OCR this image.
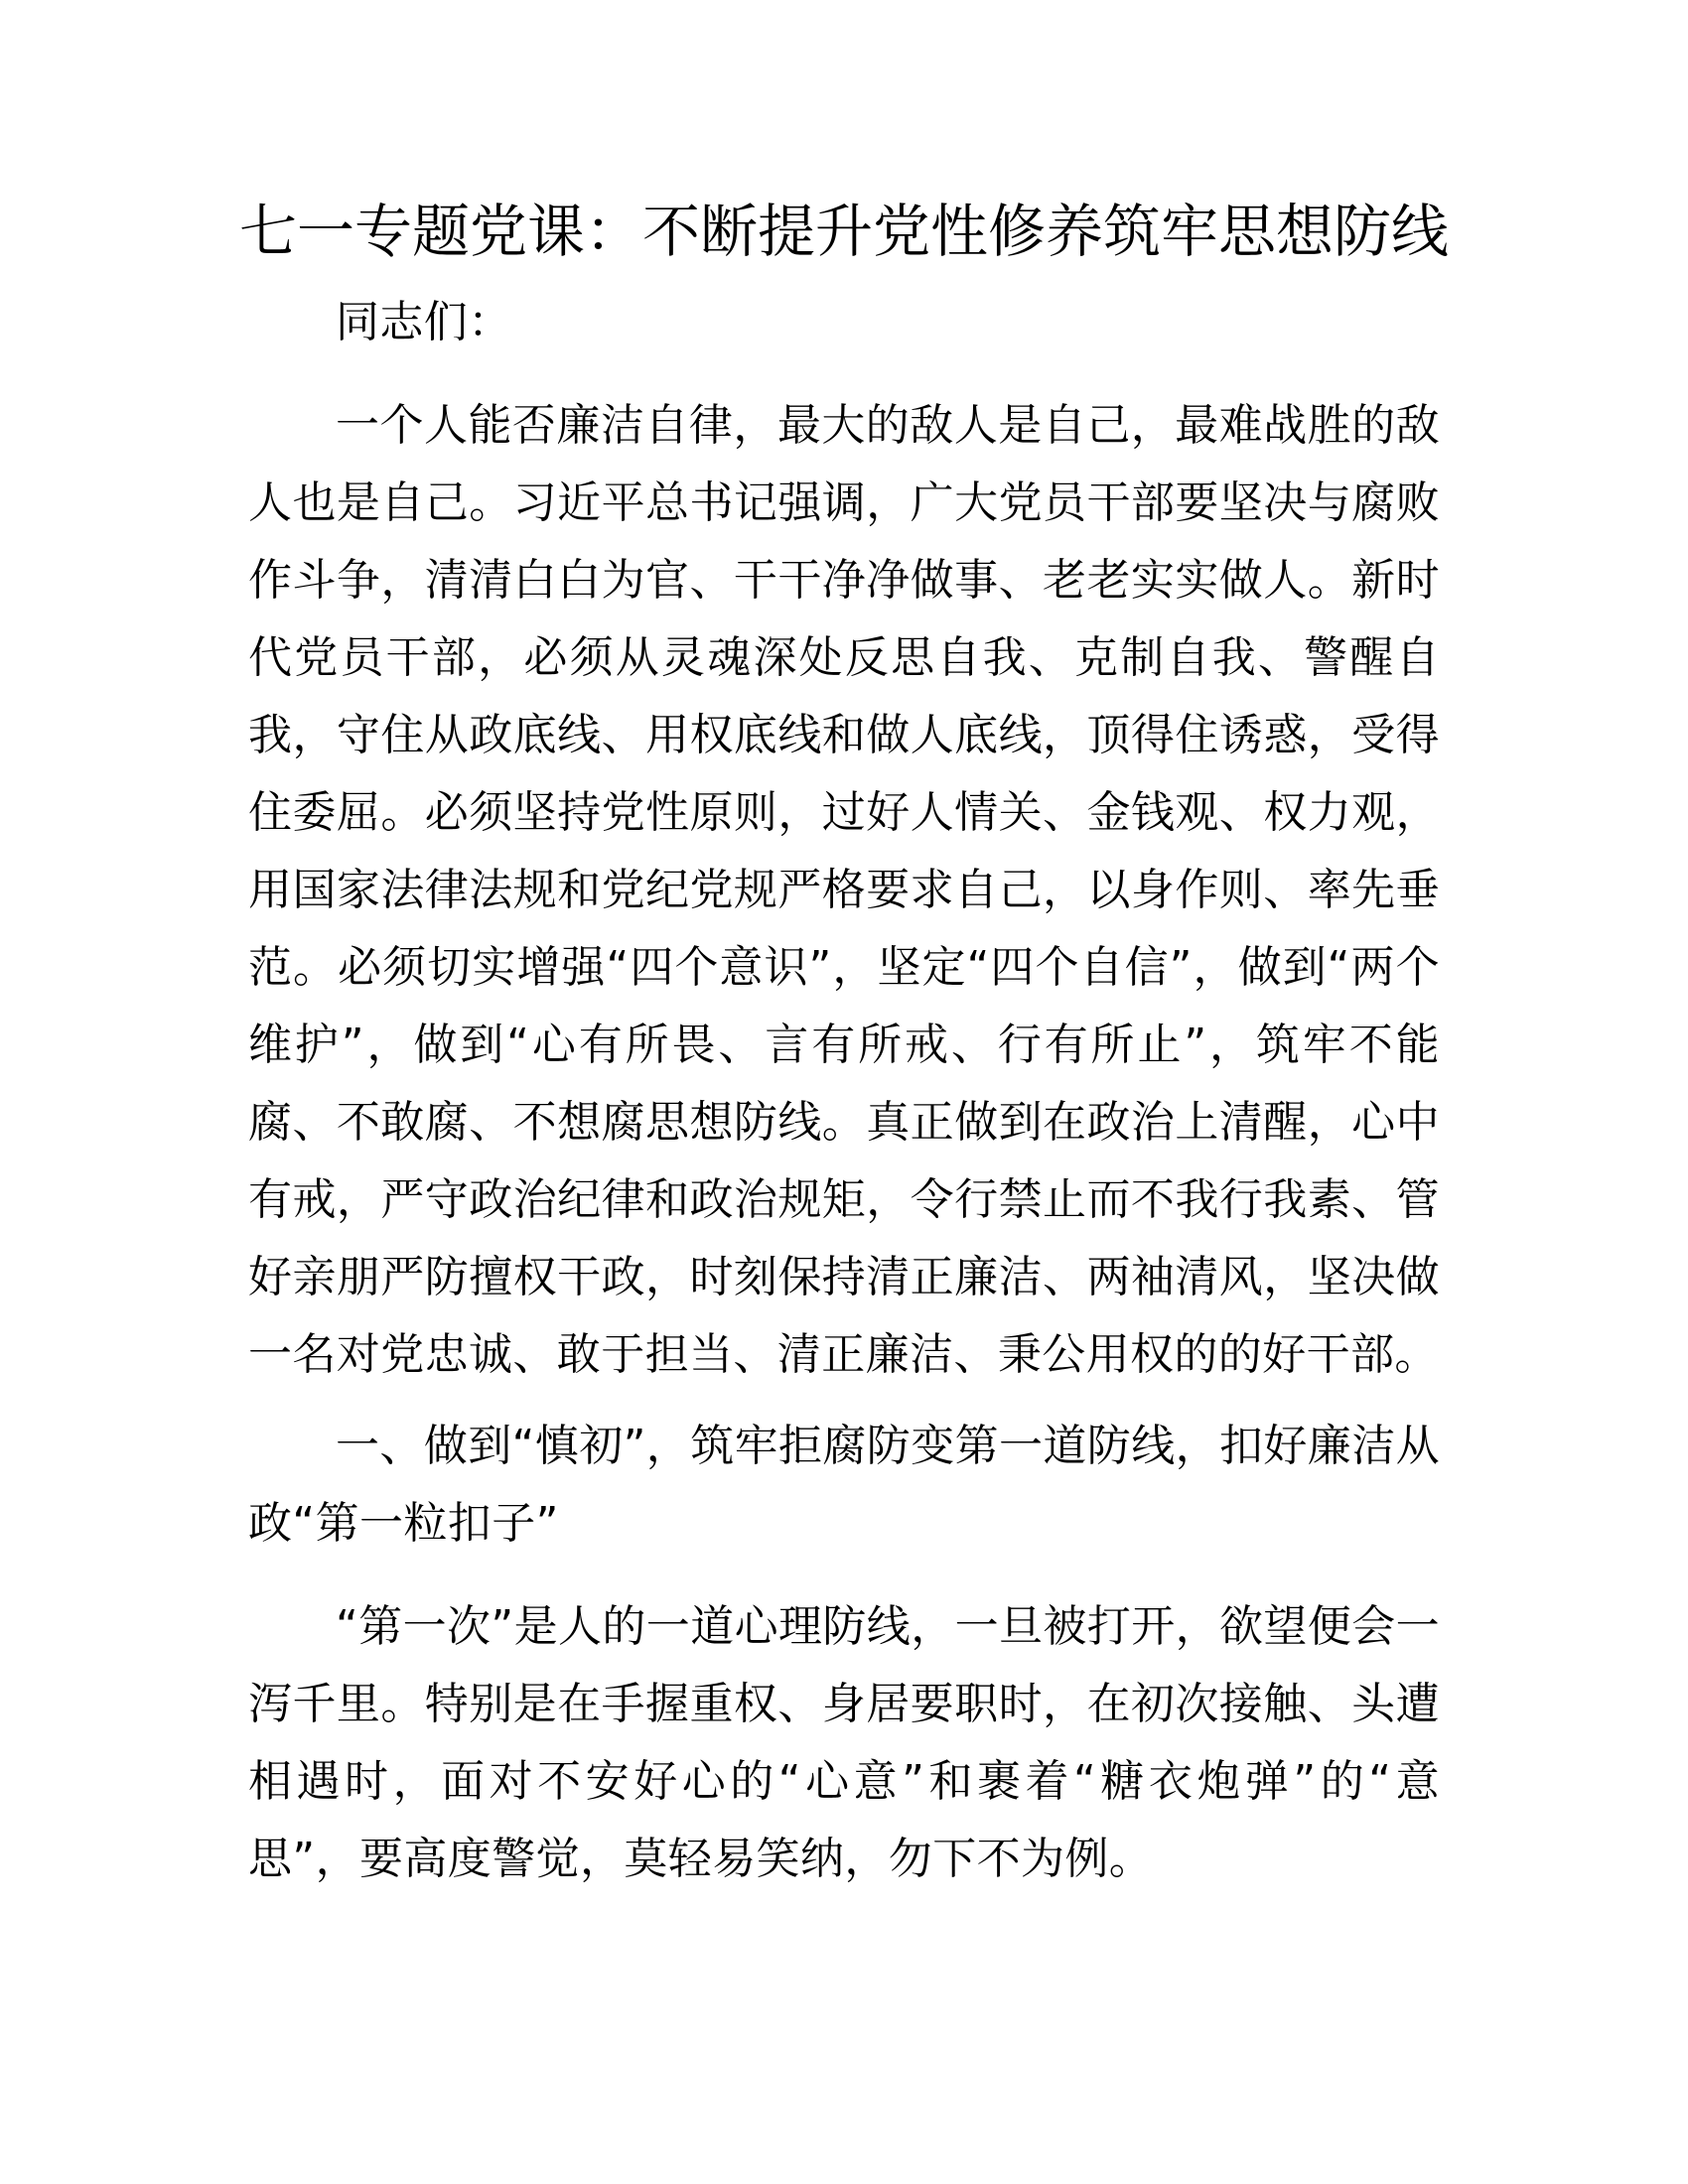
七一专题党课：不断提升党性修养筑牢思想防线

同志们：

一个人能否廉洁自律，最大的敌人是自己，最难战胜的敌人也是自己。习近平总书记强调，广大党员干部要坚决与腐败作斗争，清清白白为官、干干净净做事、老老实实做人。新时代党员干部，必须从灵魂深处反思自我、克制自我、警醒自我，守住从政底线、用权底线和做人底线，顶得住诱惑，受得住委屈。必须坚持党性原则，过好人情关、金钱观、权力观，用国家法律法规和党纪党规严格要求自己，以身作则、率先垂范。必须切实增强“四个意识”，坚定“四个自信”，做到“两个维护”，做到“心有所畏、言有所戒、行有所止”，筑牢不能腐、不敢腐、不想腐思想防线。真正做到在政治上清醒，心中有戒，严守政治纪律和政治规矩，令行禁止而不我行我素、管好亲朋严防擅权干政，时刻保持清正廉洁、两袖清风，坚决做一名对党忠诚、敢于担当、清正廉洁、秉公用权的的好干部。

一、做到“慎初”，筑牢拒腐防变第一道防线，扣好廉洁从政“第一粒扣子”

“第一次”是人的一道心理防线，一旦被打开，欲望便会一泻千里。特别是在手握重权、身居要职时，在初次接触、头遭相遇时，面对不安好心的“心意”和裹着“糖衣炮弹”的“意思”，要高度警觉，莫轻易笑纳，勿下不为例。
